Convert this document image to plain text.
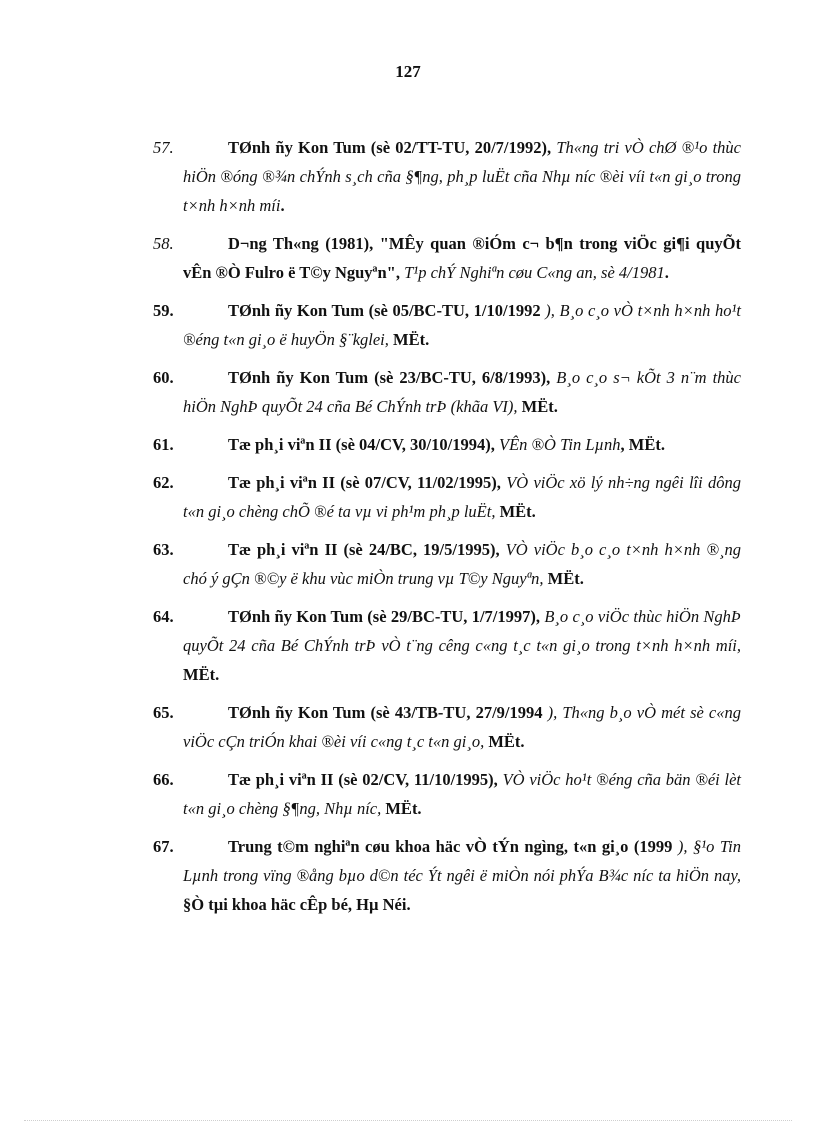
127
57.	TØnh ñy Kon Tum (sè 02/TT-TU, 20/7/1992), Th«ng tri vÒ chØ ®¹o thùc hiÖn ®óng ®¾n chÝnh s¸ch cña §¶ng, ph¸p luËt cña Nhµ níc ®èi víi t«n gi¸o trong t×nh h×nh míi.
58.	D¬ng Th«ng (1981), "MÊy quan ®iÓm c¬ b¶n trong viÖc gi¶i quyÕt vÊn ®Ò Fulro ë T©y Nguyªn", T¹p chÝ Nghiªn cøu C«ng an, sè 4/1981.
59.	TØnh ñy Kon Tum (sè 05/BC-TU, 1/10/1992 ), B¸o c¸o vÒ t×nh h×nh ho¹t ®éng t«n gi¸o ë huyÖn §¨kglei, MËt.
60.	TØnh ñy Kon Tum (sè 23/BC-TU, 6/8/1993), B¸o c¸o s¬ kÕt 3 n¨m thùc hiÖn NghÞ quyÕt 24 cña Bé ChÝnh trÞ (khãa VI), MËt.
61.	Tæ ph¸i viªn II (sè 04/CV, 30/10/1994), VÊn ®Ò Tin Lµnh, MËt.
62.	Tæ ph¸i viªn II (sè 07/CV, 11/02/1995), VÒ viÖc xö lý nh÷ng ngêi lîi dông t«n gi¸o chèng chÕ ®é ta vµ vi ph¹m ph¸p luËt, MËt.
63.	Tæ ph¸i viªn II (sè 24/BC, 19/5/1995), VÒ viÖc b¸o c¸o t×nh h×nh ®¸ng chó ý gÇn ®©y ë khu vùc miÒn trung vµ T©y Nguyªn, MËt.
64.	TØnh ñy Kon Tum (sè 29/BC-TU, 1/7/1997), B¸o c¸o viÖc thùc hiÖn NghÞ quyÕt 24 cña Bé ChÝnh trÞ vÒ t¨ng cêng c«ng t¸c t«n gi¸o trong t×nh h×nh míi, MËt.
65.	TØnh ñy Kon Tum (sè 43/TB-TU, 27/9/1994 ), Th«ng b¸o vÒ mét sè c«ng viÖc cÇn triÓn khai ®èi víi c«ng t¸c t«n gi¸o, MËt.
66.	Tæ ph¸i viªn II (sè 02/CV, 11/10/1995), VÒ viÖc ho¹t ®éng cña bän ®éi lèt t«n gi¸o chèng §¶ng, Nhµ níc, MËt.
67.	Trung t©m nghiªn cøu khoa häc vÒ tÝn ngìng, t«n gi¸o (1999 ), §¹o Tin Lµnh trong vïng ®ång bµo d©n téc Ýt ngêi ë miÒn nói phÝa B¾c níc ta hiÖn nay, §Ò tµi khoa häc cÊp bé, Hµ Néi.
